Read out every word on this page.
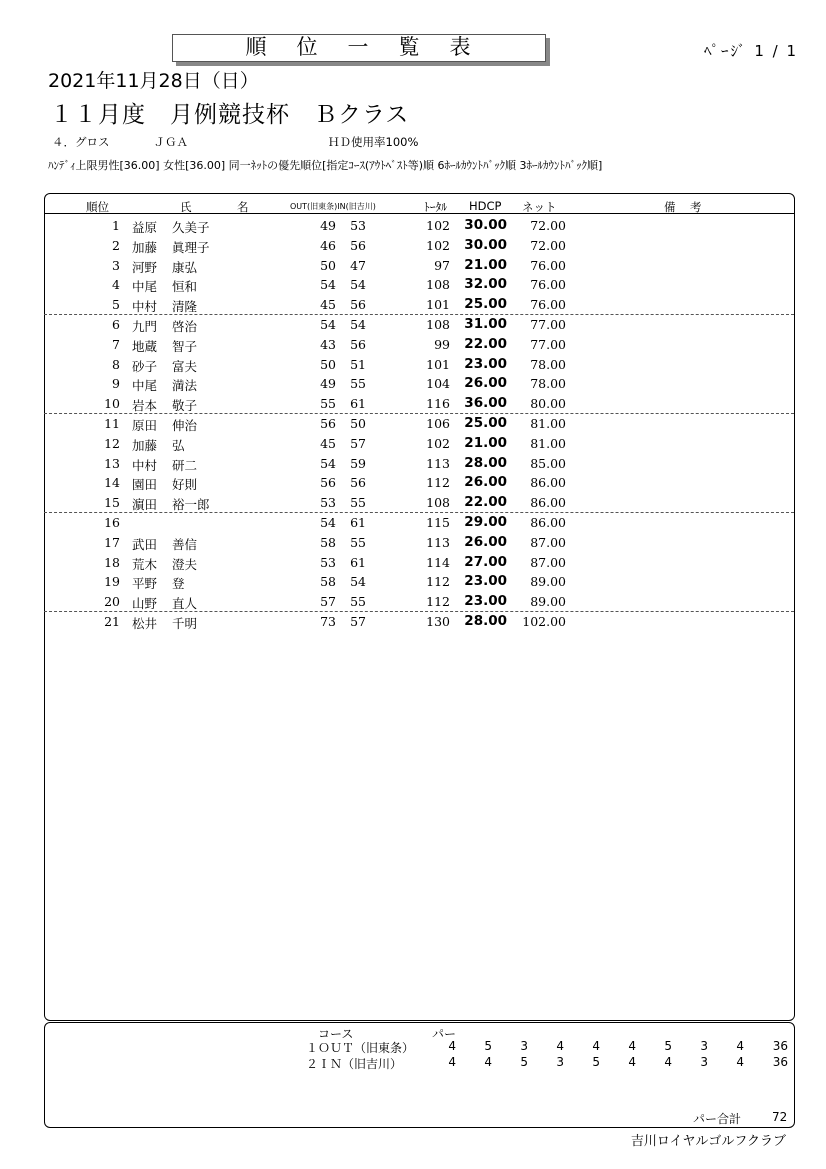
順位一覧表	ﾍﾟｰｼﾞ 1 / 1
2021年11月28日（日）
１１月度　月例競技杯　Ｂクラス
４．グロス	ＪＧＡ	ＨＤ使用率100%
ﾊﾝﾃﾞｨ上限男性[36.00] 女性[36.00] 同一ﾈｯﾄの優先順位[指定ｺｰｽ(ｱｳﾄﾍﾞｽﾄ等)順 6ﾎｰﾙｶｳﾝﾄﾊﾞｯｸ順 3ﾎｰﾙｶｳﾝﾄﾊﾞｯｸ順]
順位	氏	名	OUT(旧東条)IN(旧吉川)	ﾄｰﾀﾙ HDCP ネット	備 考
1 益原 久美子	49	53	102	30.00	72.00
2 加藤 眞理子	46	56	102	30.00	72.00
3 河野 康弘	50	47	97	21.00	76.00
4 中尾 恒和	54	54	108	32.00	76.00
5 中村 清隆	45	56	101	25.00	76.00
6 九門 啓治	54	54	108	31.00	77.00
7 地蔵 智子	43	56	99	22.00	77.00
8 砂子 富夫	50	51	101	23.00	78.00
9 中尾 満法	49	55	104	26.00	78.00
10 岩本 敬子	55	61	116	36.00	80.00
11 原田 伸治	56	50	106	25.00	81.00
12 加藤 弘	45	57	102	21.00	81.00
13 中村 研二	54	59	113	28.00	85.00
14 園田 好則	56	56	112	26.00	86.00
15 濵田 裕一郎	53	55	108	22.00	86.00
16	54	61	115	29.00	86.00
17 武田 善信	58	55	113	26.00	87.00
18 荒木 澄夫	53	61	114	27.00	87.00
19 平野 登	58	54	112	23.00	89.00
20 山野 直人	57	55	112	23.00	89.00
21 松井 千明	73	57	130	28.00	102.00
コース	パー
１ＯＵＴ（旧東条）	4	5	3	4	4	4	5	3	4	36
２ＩＮ（旧吉川）	4	4	5	3	5	4	4	3	4	36
パー合計	72
吉川ロイヤルゴルフクラブ
